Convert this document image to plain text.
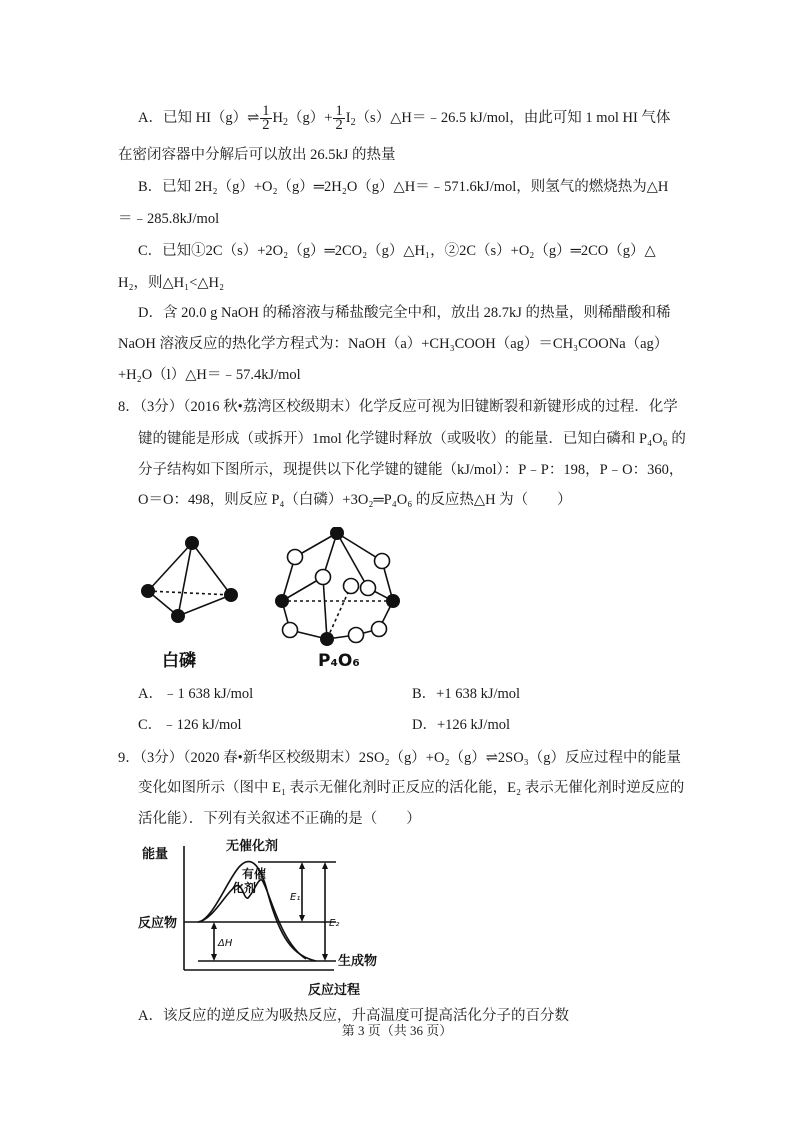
A．已知 HI（g）⇌ $\frac{1}{2} H_2(g)+ \frac{1}{2}$ $I_2(s)\triangle H=﹣26.5$ kJ/mol，由此可知 1 mol HI 气体
在密闭容器中分解后可以放出 26.5kJ 的热量
B．已知 2H₂（g）+O₂（g）═2H₂O（g）△H＝﹣571.6kJ/mol，则氢气的燃烧热为△H
＝﹣285.8kJ/mol
C．已知①2C（s）+2O₂（g）═2CO₂（g）△H₁，②2C（s）+O₂（g）═2CO（g）△
H₂，则△H₁<△H₂
D．含 20.0 g NaOH 的稀溶液与稀盐酸完全中和，放出 28.7kJ 的热量，则稀醋酸和稀
NaOH 溶液反应的热化学方程式为：NaOH（a）+CH₃COOH（ag）＝CH₃COONa（ag）
+H₂O（l）△H＝﹣57.4kJ/mol
8．（3分）（2016 秋•荔湾区校级期末）化学反应可视为旧键断裂和新键形成的过程．化学
键的键能是形成（或拆开）1mol 化学键时释放（或吸收）的能量．已知白磷和 P₄O₆ 的
分子结构如下图所示，现提供以下化学键的键能（kJ/mol）：P﹣P：198，P﹣O：360，
O＝O：498，则反应 P₄（白磷）+3O₂═P₄O₆ 的反应热△H 为（　　）
白磷	P₄O₆
A．﹣1 638 kJ/mol	B．+1 638 kJ/mol
C．﹣126 kJ/mol	D．+126 kJ/mol
9．（3分）（2020 春•新华区校级期末）2SO₂（g）+O₂（g）⇌2SO₃（g）反应过程中的能量
变化如图所示（图中 E₁ 表示无催化剂时正反应的活化能，E₂ 表示无催化剂时逆反应的
活化能）．下列有关叙述不正确的是（　　）
能量
无催化剂
有催
化剂
E₁
E₂
反应物
ΔH
生成物
反应过程
A．该反应的逆反应为吸热反应，升高温度可提高活化分子的百分数
第 3 页（共 36 页）
